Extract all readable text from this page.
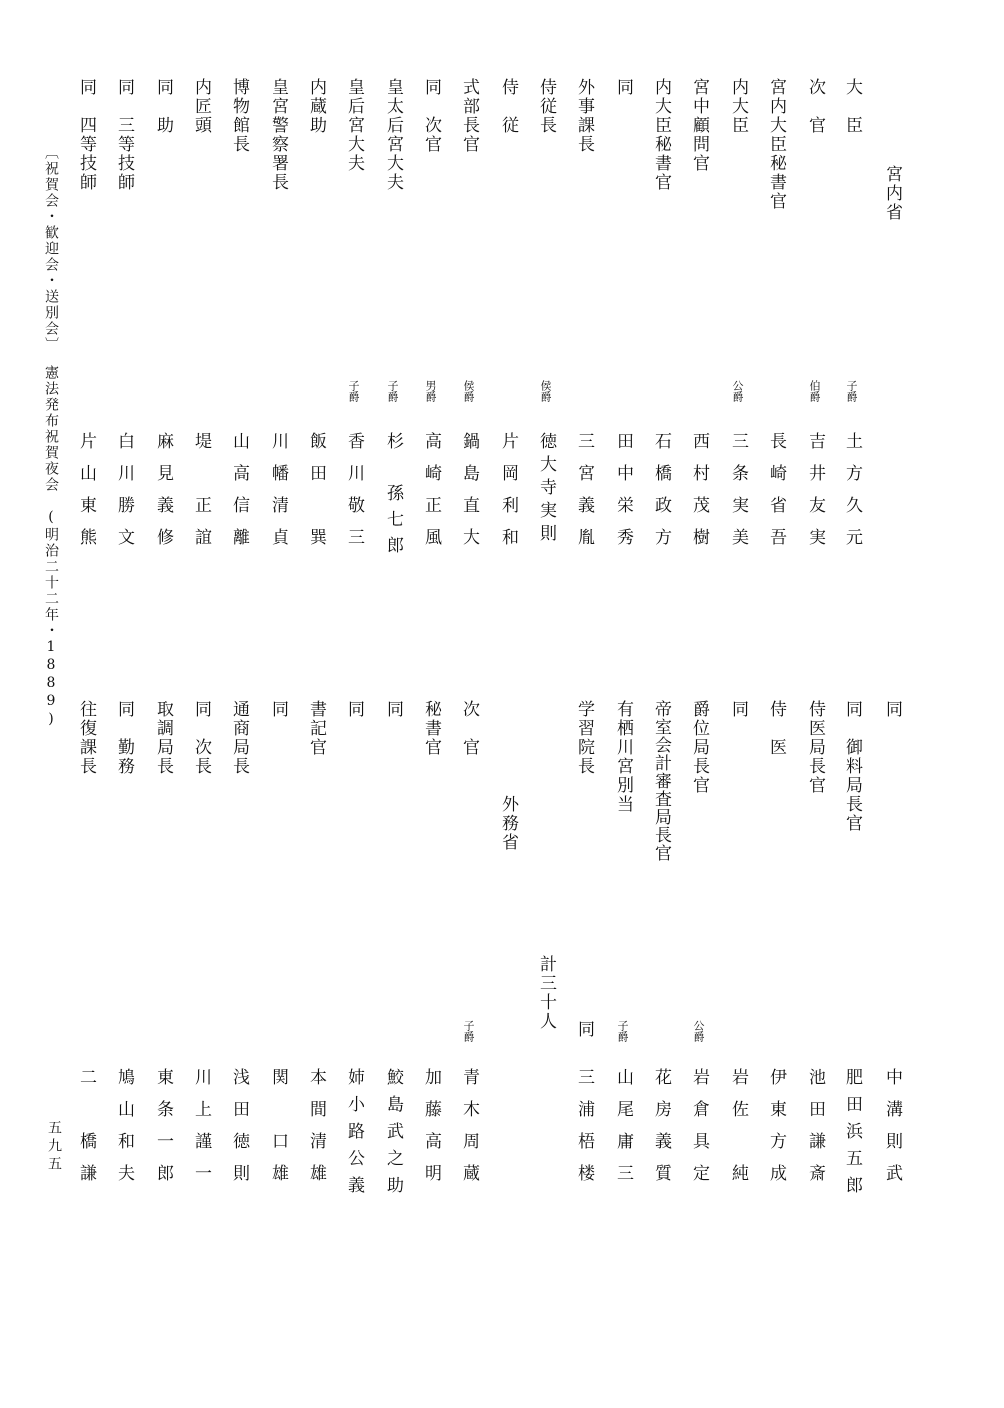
宮内省
大　臣
次　官
宮内大臣秘書官
内大臣
宮中顧問官
内大臣秘書官
同
外事課長
侍従長
侍　従
式部長官
同　次官
皇太后宮大夫
皇后宮大夫
内蔵助
皇宮警察署長
博物館長
内匠頭
同　助
同　三等技師
同　四等技師
子爵
伯爵
公爵
侯爵
侯爵
男爵
子爵
子爵
土方久元
吉井友実
長崎省吾
三条実美
西村茂樹
石橋政方
田中栄秀
三宮義胤
徳大寺実則
片岡利和
鍋島直大
高崎正風
杉　孫七郎
香川敬三
飯田　巽
川幡清貞
山高信離
堤　正誼
麻見義修
白川勝文
片山東熊
〔祝賀会・歓迎会・送別会〕
憲法発布祝賀夜会　(明治二十二年・1889)	同
同　御料局長官
侍医局長官
侍　医
同
爵位局長官
帝室会計審査局長官
有栖川宮別当
学習院長
外務省
次　官
秘書官
同
同
書記官
同
通商局長
同　次長
取調局長
同　勤務
往復課長
計三十人	公爵
子爵
同
子爵
中溝則武
肥田浜五郎
池田謙斎
伊東方成
岩佐　純
岩倉具定
花房義質
山尾庸三
三浦梧楼
青木周蔵
加藤高明
鮫島武之助
姉小路公義
本間清雄
関　口雄
浅田徳則
川上謹一
東条一郎
鳩山和夫
二　橋謙
五九五
